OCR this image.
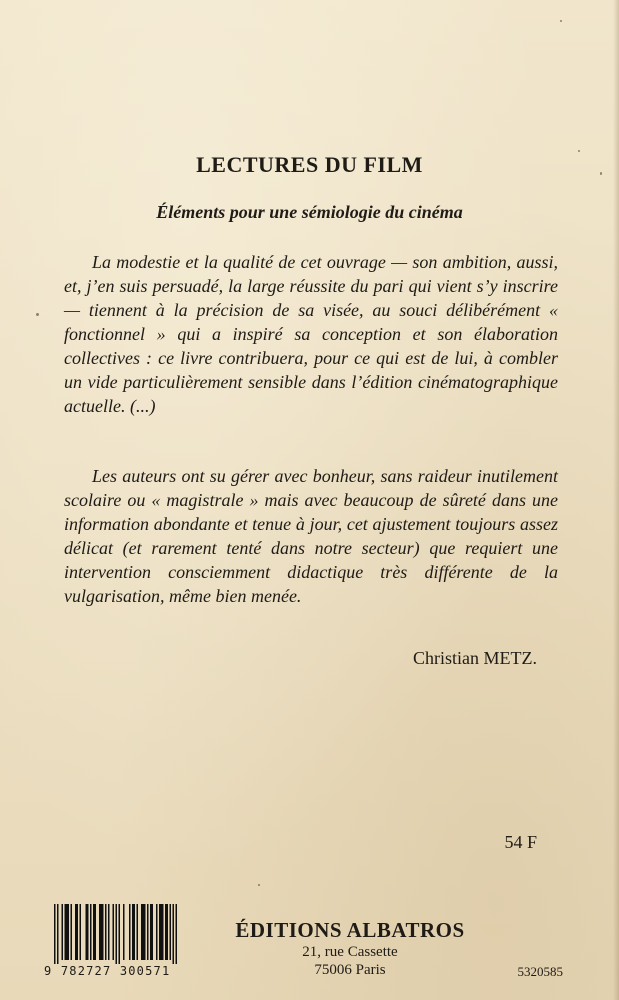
LECTURES DU FILM
Éléments pour une sémiologie du cinéma

La modestie et la qualité de cet ouvrage — son ambition, aussi, et, j’en suis persuadé, la large réussite du pari qui vient s’y inscrire — tiennent à la précision de sa visée, au souci délibérément « fonctionnel » qui a inspiré sa conception et son élaboration collectives : ce livre contribuera, pour ce qui est de lui, à combler un vide particulièrement sensible dans l’édition cinématographique actuelle. (...)

Les auteurs ont su gérer avec bonheur, sans raideur inutilement scolaire ou « magistrale » mais avec beaucoup de sûreté dans une information abondante et tenue à jour, cet ajustement toujours assez délicat (et rarement tenté dans notre secteur) que requiert une intervention consciemment didactique très différente de la vulgarisation, même bien menée.

Christian METZ.

54 F

9 782727 300571

ÉDITIONS ALBATROS

21, rue Cassette

75006 Paris	5320585
